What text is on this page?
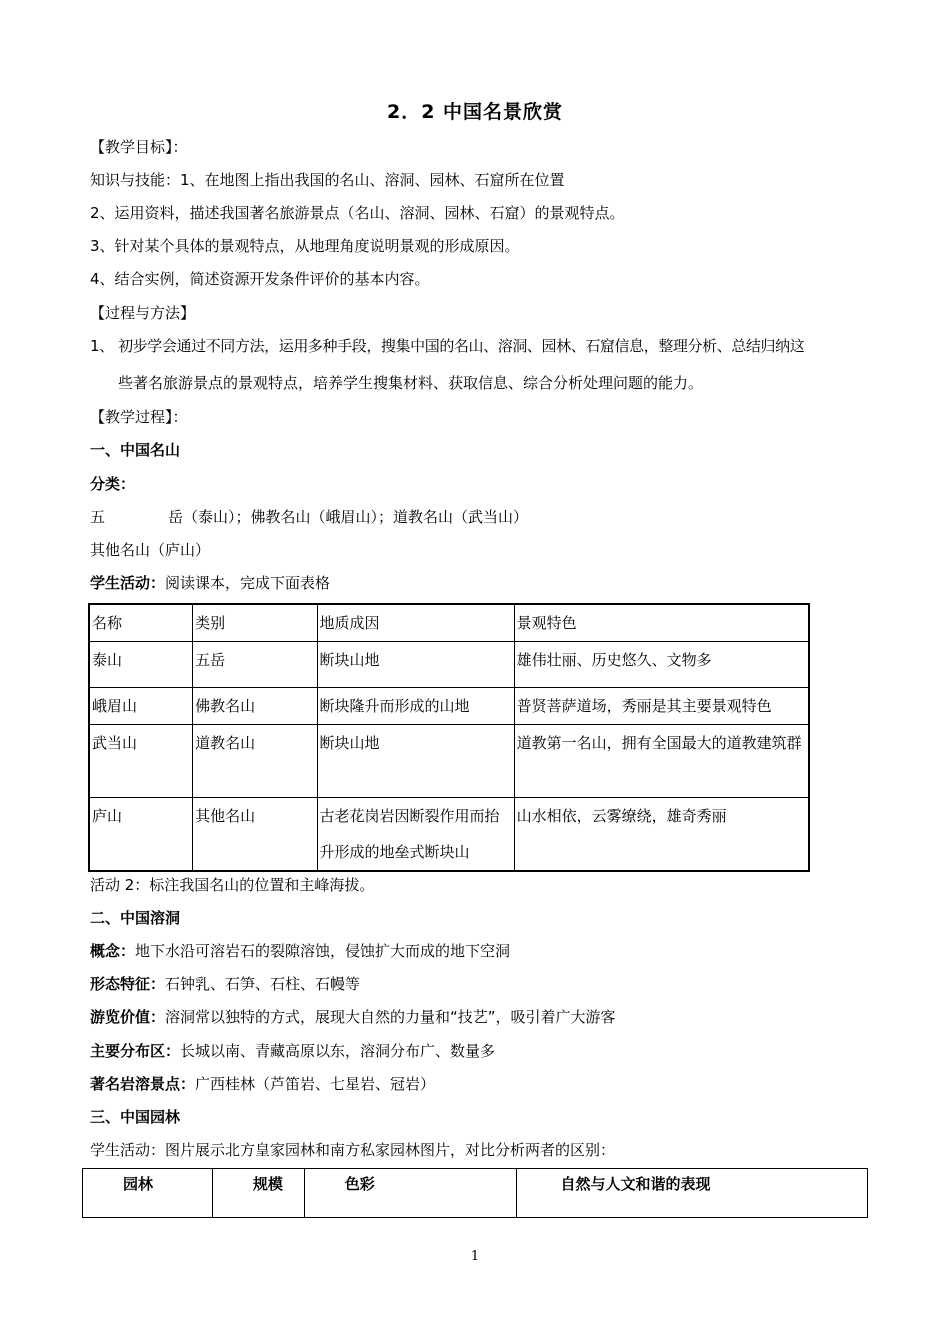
2．2 中国名景欣赏
【教学目标】：
知识与技能：1、在地图上指出我国的名山、溶洞、园林、石窟所在位置
2、运用资料，描述我国著名旅游景点（名山、溶洞、园林、石窟）的景观特点。
3、针对某个具体的景观特点，从地理角度说明景观的形成原因。
4、结合实例，简述资源开发条件评价的基本内容。
【过程与方法】
1、 初步学会通过不同方法，运用多种手段，搜集中国的名山、溶洞、园林、石窟信息，整理分析、总结归纳这
些著名旅游景点的景观特点，培养学生搜集材料、获取信息、综合分析处理问题的能力。
【教学过程】：
一、中国名山
分类：
五	岳（泰山）；佛教名山（峨眉山）；道教名山（武当山）
其他名山（庐山）
学生活动：阅读课本，完成下面表格
名称	类别	地质成因	景观特色
泰山	五岳	断块山地	雄伟壮丽、历史悠久、文物多
峨眉山	佛教名山	断块隆升而形成的山地	普贤菩萨道场，秀丽是其主要景观特色
武当山	道教名山	断块山地	道教第一名山，拥有全国最大的道教建筑群
庐山	其他名山	古老花岗岩因断裂作用而抬升形成的地垒式断块山	山水相依，云雾缭绕，雄奇秀丽
活动 2：标注我国名山的位置和主峰海拔。
二、中国溶洞
概念：地下水沿可溶岩石的裂隙溶蚀，侵蚀扩大而成的地下空洞
形态特征：石钟乳、石笋、石柱、石幔等
游览价值：溶洞常以独特的方式，展现大自然的力量和“技艺”，吸引着广大游客
主要分布区：长城以南、青藏高原以东，溶洞分布广、数量多
著名岩溶景点：广西桂林（芦笛岩、七星岩、冠岩）
三、中国园林
学生活动：图片展示北方皇家园林和南方私家园林图片，对比分析两者的区别：
园林	规模	色彩	自然与人文和谐的表现
1
